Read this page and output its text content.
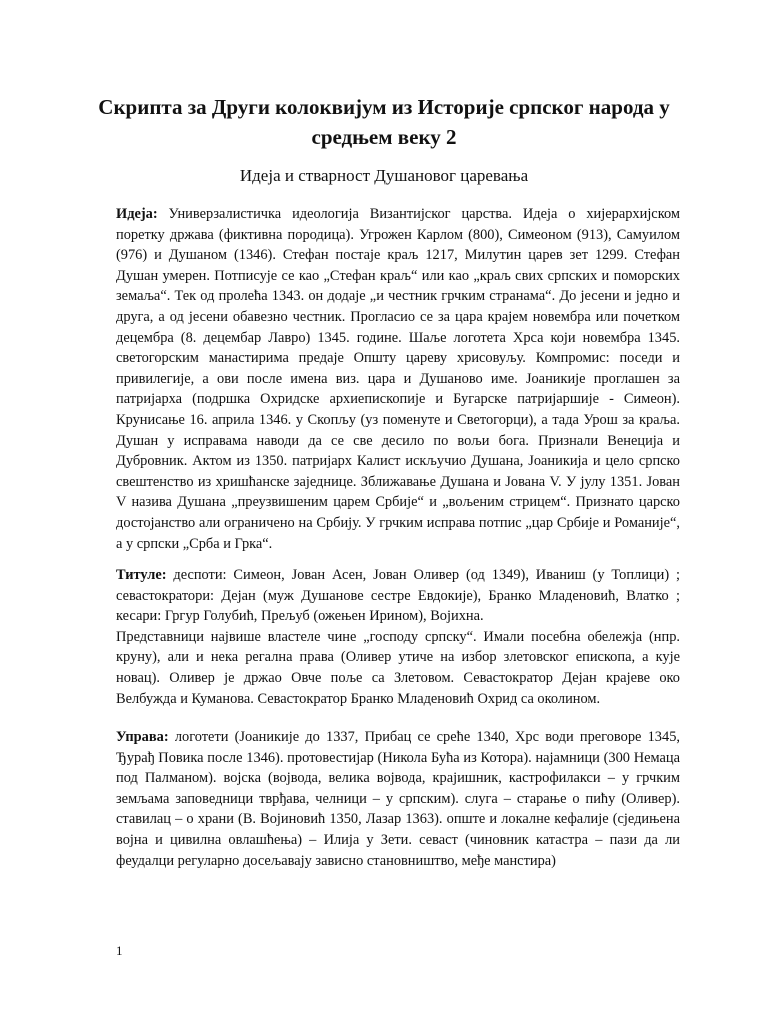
Скрипта за Други колоквијум из Историје српског народа у средњем веку 2

Идеја и стварност Душановог царевања

Идеја: Универзалистичка идеологија Византијског царства. Идеја о хијерархијском поретку држава (фиктивна породица). Угрожен Карлом (800), Симеоном (913), Самуилом (976) и Душаном (1346). Стефан постаје краљ 1217, Милутин царев зет 1299. Стефан Душан умерен. Потписује се као „Стефан краљ“ или као „краљ свих српских и поморских земаља“. Тек од пролећа 1343. он додаје „и честник грчким странама“. До јесени и једно и друга, а од јесени обавезно честник. Прогласио се за цара крајем новембра или почетком децембра (8. децембар Лавро) 1345. године. Шаље логотета Хрса који новембра 1345. светогорским манастирима предаје Општу цареву хрисовуљу. Компромис: поседи и привилегије, а ови после имена виз. цара и Душаново име. Јоаникије проглашен за патријарха (подршка Охридске архиепископије и Бугарске патријаршије - Симеон). Крунисање 16. априла 1346. у Скопљу (уз поменуте и Светогорци), а тада Урош за краља. Душан у исправама наводи да се све десило по вољи бога. Признали Венеција и Дубровник. Актом из 1350. патријарх Калист искључио Душана, Јоаникија и цело српско свештенство из хришћанске заједнице. Зближавање Душана и Јована V. У јулу 1351. Јован V назива Душана „преузвишеним царем Србије“ и „вољеним стрицем“. Признато царско достојанство али ограничено на Србију. У грчким исправа потпис „цар Србије и Романије“, а у српски „Срба и Грка“.

Титуле: деспоти: Симеон, Јован Асен, Јован Оливер (од 1349), Иваниш (у Топлици) ; севастократори: Дејан (муж Душанове сестре Евдокије), Бранко Младеновић, Влатко ; кесари: Гргур Голубић, Прељуб (ожењен Ирином), Војихна.
Представници највише властеле чине „господу српску“. Имали посебна обележја (нпр. круну), али и нека регална права (Оливер утиче на избор злетовског епископа, а кује новац). Оливер је држао Овче поље са Злетовом. Севастократор Дејан крајеве око Велбужда и Куманова. Севастократор Бранко Младеновић Охрид са околином.

Управа: логотети (Јоаникије до 1337, Прибац се среће 1340, Хрс води преговоре 1345, Ђурађ Повика после 1346). протовестијар (Никола Бућа из Котора). најамници (300 Немаца под Палманом). војска (војвода, велика војвода, крајишник, кастрофилакси – у грчким земљама заповедници тврђава, челници – у српским). слуга – старање о пићу (Оливер). ставилац – о храни (В. Војиновић 1350, Лазар 1363). опште и локалне кефалије (сједињена војна и цивилна овлашћења) – Илија у Зети. севаст (чиновник катастра – пази да ли феудалци регуларно досељавају зависно становништво, међе манстира)

1
